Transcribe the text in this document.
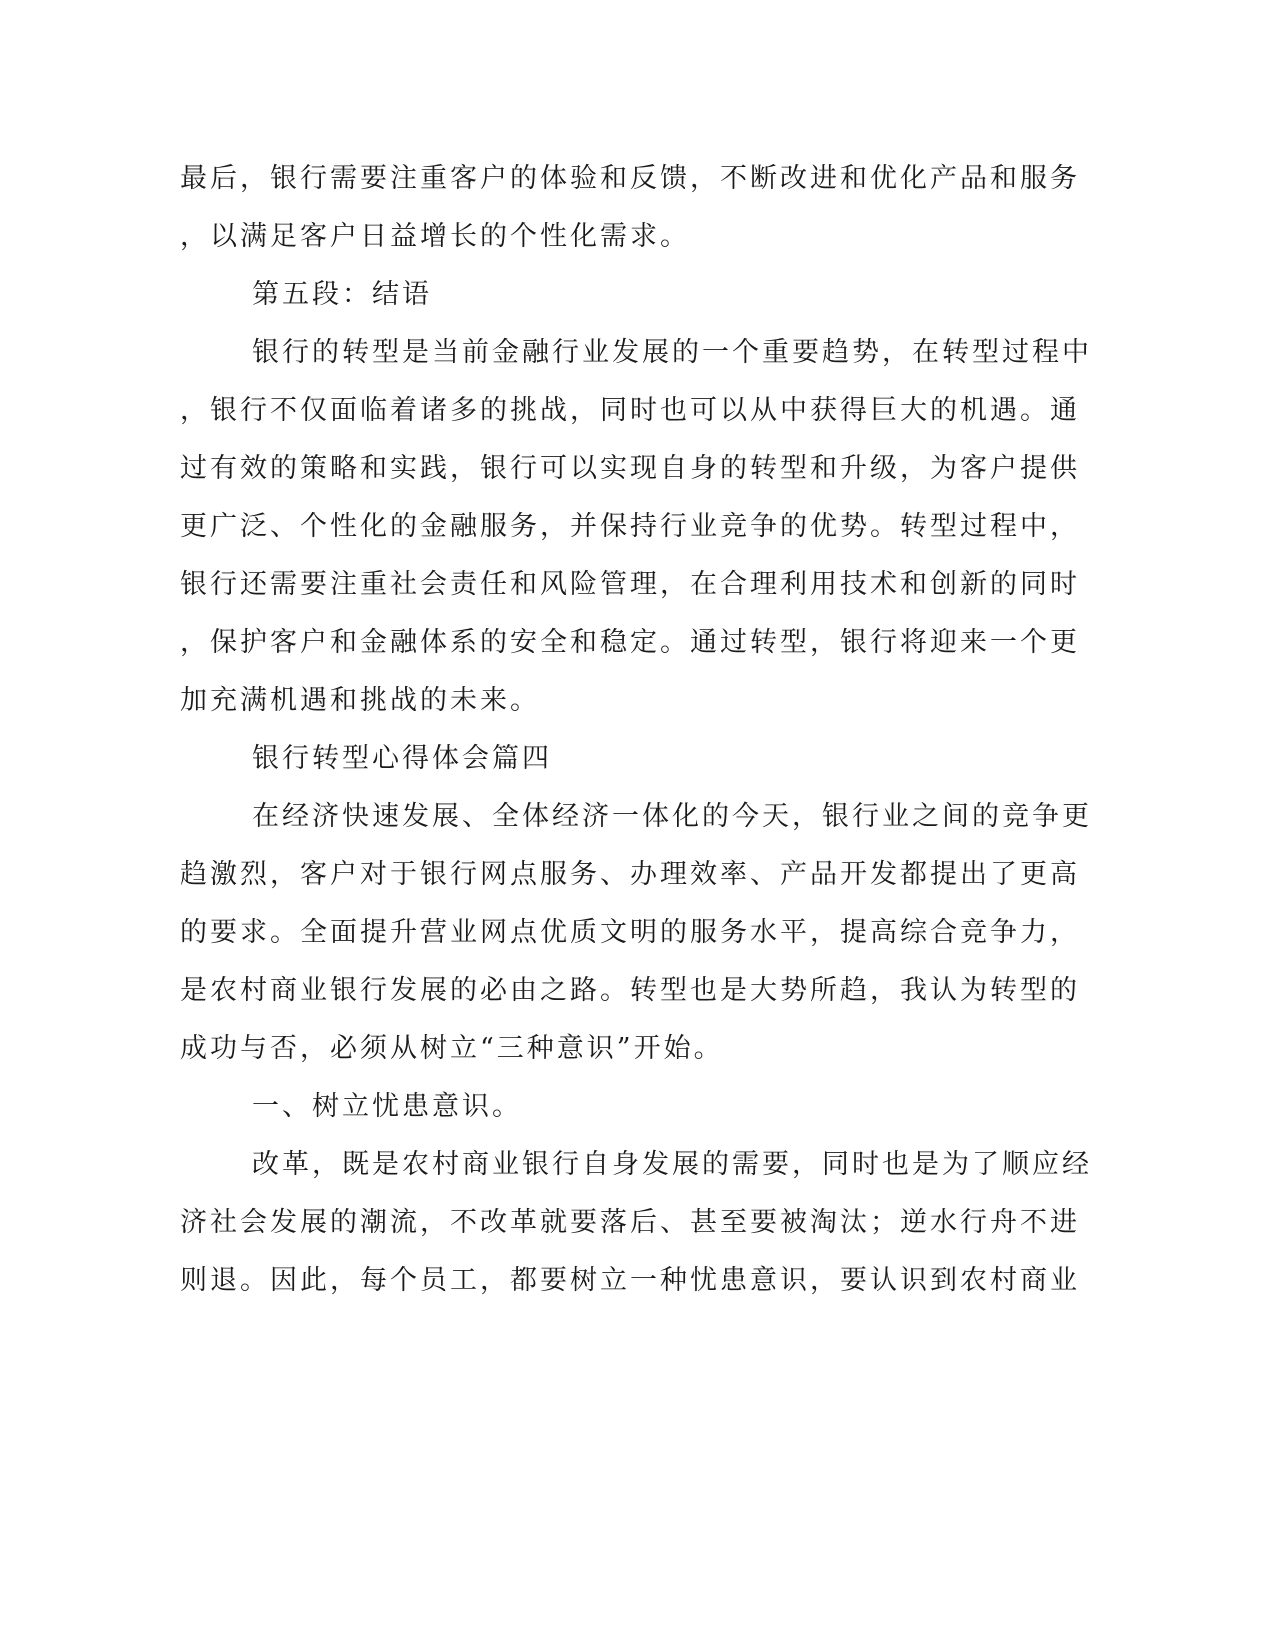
最后，银行需要注重客户的体验和反馈，不断改进和优化产品和服务
，以满足客户日益增长的个性化需求。
第五段：结语
银行的转型是当前金融行业发展的一个重要趋势，在转型过程中
，银行不仅面临着诸多的挑战，同时也可以从中获得巨大的机遇。通
过有效的策略和实践，银行可以实现自身的转型和升级，为客户提供
更广泛、个性化的金融服务，并保持行业竞争的优势。转型过程中，
银行还需要注重社会责任和风险管理，在合理利用技术和创新的同时
，保护客户和金融体系的安全和稳定。通过转型，银行将迎来一个更
加充满机遇和挑战的未来。
银行转型心得体会篇四
在经济快速发展、全体经济一体化的今天，银行业之间的竞争更
趋激烈，客户对于银行网点服务、办理效率、产品开发都提出了更高
的要求。全面提升营业网点优质文明的服务水平，提高综合竞争力，
是农村商业银行发展的必由之路。转型也是大势所趋，我认为转型的
成功与否，必须从树立“三种意识”开始。
一、树立忧患意识。
改革，既是农村商业银行自身发展的需要，同时也是为了顺应经
济社会发展的潮流，不改革就要落后、甚至要被淘汰；逆水行舟不进
则退。因此，每个员工，都要树立一种忧患意识，要认识到农村商业
